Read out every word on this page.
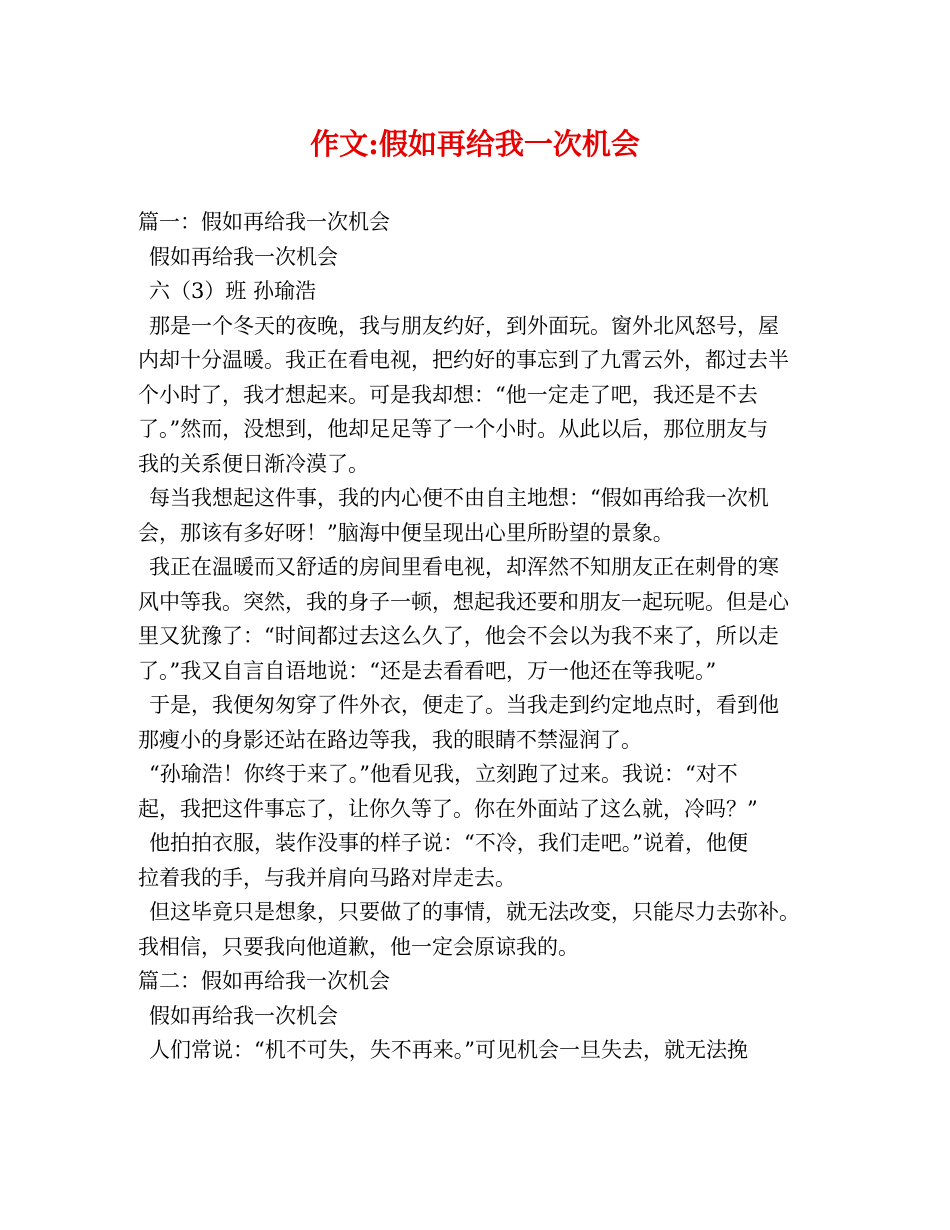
作文:假如再给我一次机会

篇一：假如再给我一次机会

假如再给我一次机会

六（3）班 孙瑜浩

那是一个冬天的夜晚，我与朋友约好，到外面玩。窗外北风怒号，屋

内却十分温暖。我正在看电视，把约好的事忘到了九霄云外，都过去半

个小时了，我才想起来。可是我却想：“他一定走了吧，我还是不去

了。”然而，没想到，他却足足等了一个小时。从此以后，那位朋友与

我的关系便日渐冷漠了。

每当我想起这件事，我的内心便不由自主地想：“假如再给我一次机

会，那该有多好呀！”脑海中便呈现出心里所盼望的景象。

我正在温暖而又舒适的房间里看电视，却浑然不知朋友正在刺骨的寒

风中等我。突然，我的身子一顿，想起我还要和朋友一起玩呢。但是心

里又犹豫了：“时间都过去这么久了，他会不会以为我不来了，所以走

了。”我又自言自语地说：“还是去看看吧，万一他还在等我呢。”

于是，我便匆匆穿了件外衣，便走了。当我走到约定地点时，看到他

那瘦小的身影还站在路边等我，我的眼睛不禁湿润了。

“孙瑜浩！你终于来了。”他看见我，立刻跑了过来。我说：“对不

起，我把这件事忘了，让你久等了。你在外面站了这么就，冷吗？”

他拍拍衣服，装作没事的样子说：“不冷，我们走吧。”说着，他便

拉着我的手，与我并肩向马路对岸走去。

但这毕竟只是想象，只要做了的事情，就无法改变，只能尽力去弥补。

我相信，只要我向他道歉，他一定会原谅我的。

篇二：假如再给我一次机会

假如再给我一次机会

人们常说：“机不可失，失不再来。”可见机会一旦失去，就无法挽
